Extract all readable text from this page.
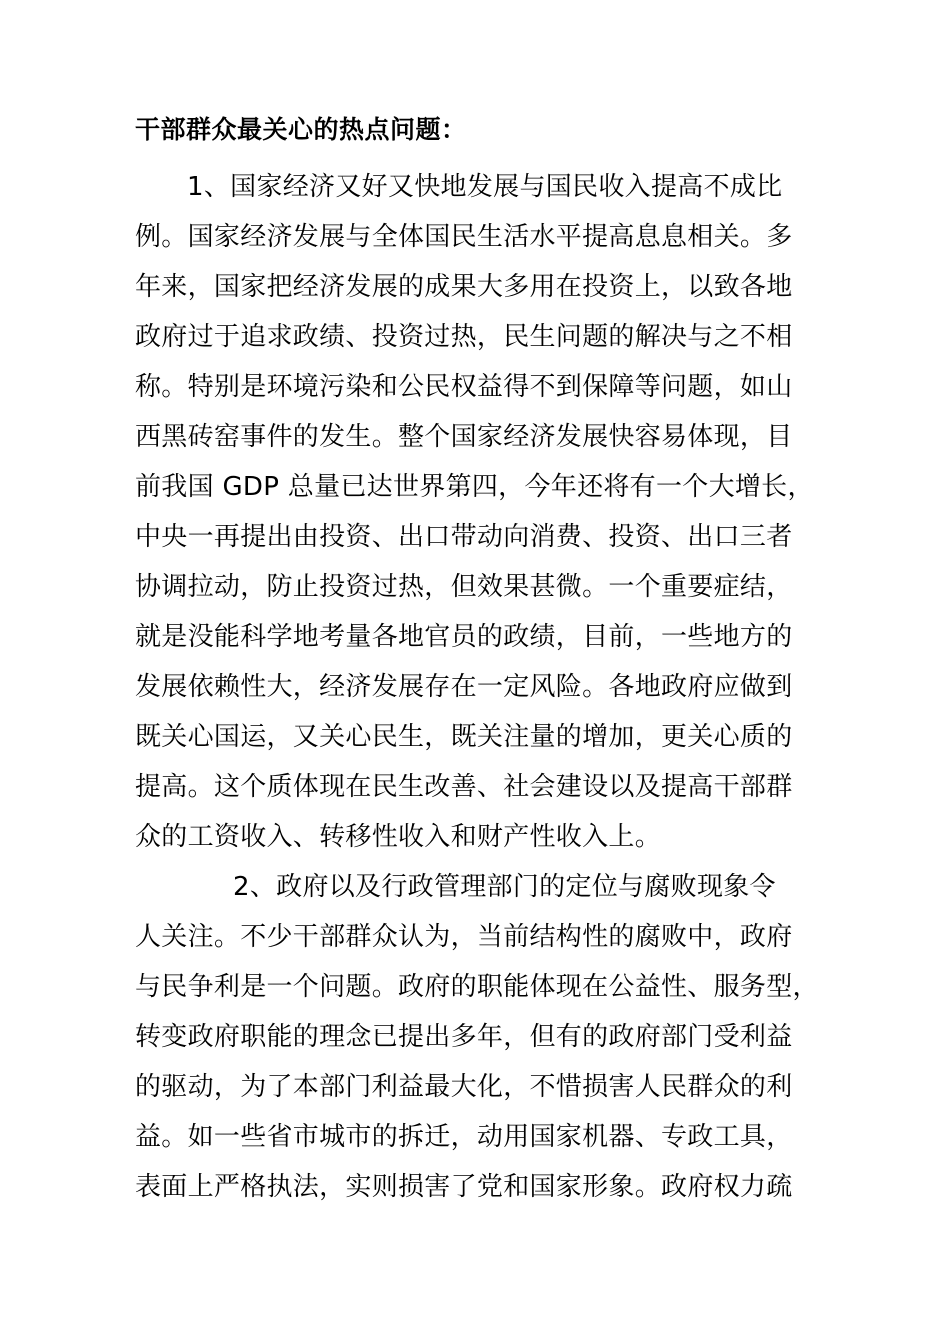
干部群众最关心的热点问题：
1、国家经济又好又快地发展与国民收入提高不成比
例。国家经济发展与全体国民生活水平提高息息相关。多
年来，国家把经济发展的成果大多用在投资上，以致各地
政府过于追求政绩、投资过热，民生问题的解决与之不相
称。特别是环境污染和公民权益得不到保障等问题，如山
西黑砖窑事件的发生。整个国家经济发展快容易体现，目
前我国 GDP 总量已达世界第四，今年还将有一个大增长，
中央一再提出由投资、出口带动向消费、投资、出口三者
协调拉动，防止投资过热，但效果甚微。一个重要症结，
就是没能科学地考量各地官员的政绩，目前，一些地方的
发展依赖性大，经济发展存在一定风险。各地政府应做到
既关心国运，又关心民生，既关注量的增加，更关心质的
提高。这个质体现在民生改善、社会建设以及提高干部群
众的工资收入、转移性收入和财产性收入上。
2、政府以及行政管理部门的定位与腐败现象令
人关注。不少干部群众认为，当前结构性的腐败中，政府
与民争利是一个问题。政府的职能体现在公益性、服务型，
转变政府职能的理念已提出多年，但有的政府部门受利益
的驱动，为了本部门利益最大化，不惜损害人民群众的利
益。如一些省市城市的拆迁，动用国家机器、专政工具，
表面上严格执法，实则损害了党和国家形象。政府权力疏
